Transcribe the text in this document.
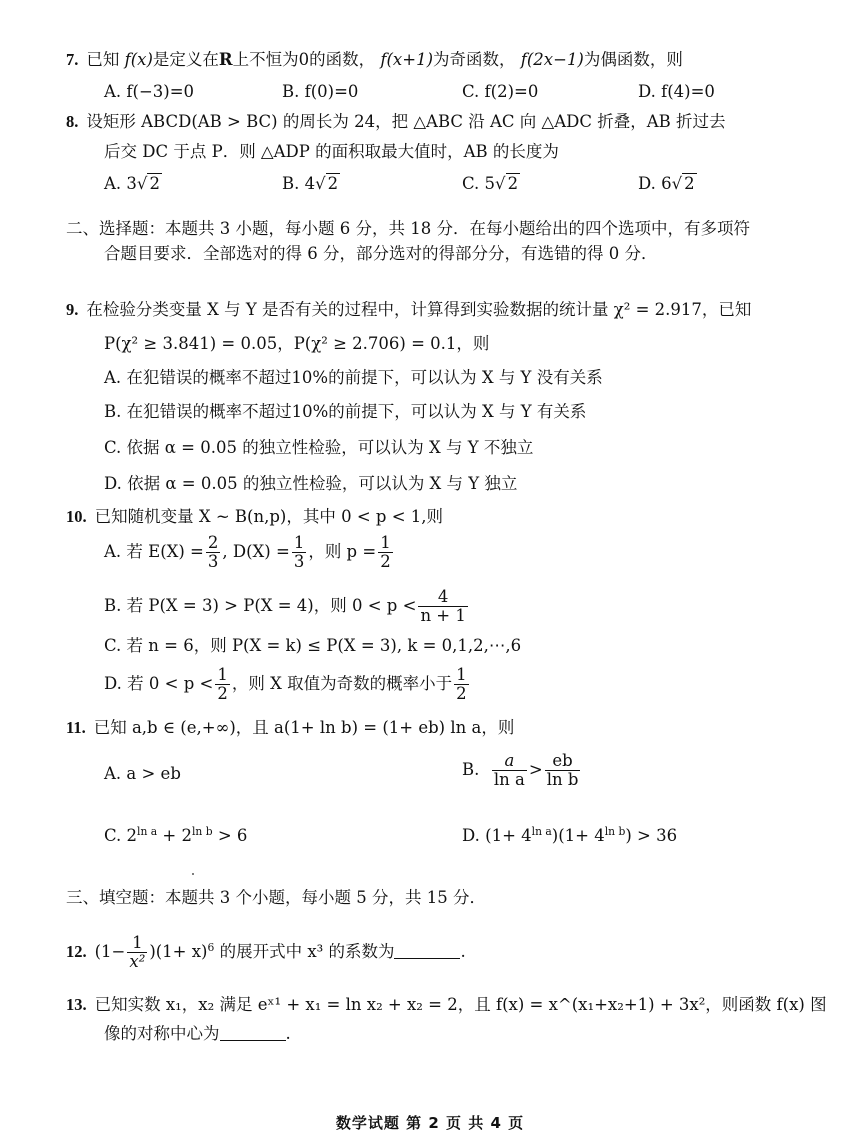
7. 已知 f(x)是定义在R上不恒为0的函数， f(x+1)为奇函数， f(2x−1)为偶函数，则
A. f(−3)=0	B. f(0)=0	C. f(2)=0	D. f(4)=0
8. 设矩形 ABCD(AB > BC) 的周长为 24，把 △ABC 沿 AC 向 △ADC 折叠，AB 折过去
后交 DC 于点 P．则 △ADP 的面积取最大值时，AB 的长度为
A. 3√ 2	B. 4√ 2	C. 5√ 2	D. 6√ 2
二、选择题：本题共 3 小题，每小题 6 分，共 18 分．在每小题给出的四个选项中，有多项符
合题目要求．全部选对的得 6 分，部分选对的得部分分，有选错的得 0 分．
9. 在检验分类变量 X 与 Y 是否有关的过程中，计算得到实验数据的统计量 χ² = 2.917，已知
P(χ² ≥ 3.841) = 0.05，P(χ² ≥ 2.706) = 0.1，则
A. 在犯错误的概率不超过10%的前提下，可以认为 X 与 Y 没有关系
B. 在犯错误的概率不超过10%的前提下，可以认为 X 与 Y 有关系
C. 依据 α = 0.05 的独立性检验，可以认为 X 与 Y 不独立
D. 依据 α = 0.05 的独立性检验，可以认为 X 与 Y 独立
10. 已知随机变量 X ~ B(n,p)，其中 0 < p < 1,则
A. 若 $E(X) = \frac{2}{3}$ , $D(X) = \frac{1}{3}$ ，则 $p = \frac{1}{2}$
B. 若 P(X = 3) > P(X = 4)，则 $0 < p < \frac{4}{n + 1}$
C. 若 n = 6，则 P(X = k) ≤ P(X = 3), k = 0,1,2,⋯,6
D. 若 $0 < p < \frac{1}{2}$ ，则 X 取值为奇数的概率小于 $\frac{1}{2}$
11. 已知 a,b ∈ (e,+∞)，且 a(1+ ln b) = (1+ eb) ln a，则
A. a > eb	B. $\frac{a}{\text{ln a}} > \frac{eb}{\text{ln b}}$
C. $2^{ln a} + 2^{ln b} > 6$	D. $(1+ 4^{ln a})(1+ 4^{ln b}) > 36$
三、填空题：本题共 3 个小题，每小题 5 分，共 15 分．
12. $(1- \frac{1}{\text{x²}} )(1+ x)^6$ 的展开式中 x³ 的系数为	.
13. 已知实数 x₁，x₂ 满足 eˣ¹ + x₁ = ln x₂ + x₂ = 2，且 f(x) = x^(x₁+x₂+1) + 3x²，则函数 f(x) 图
像的对称中心为	.
数学试题 第 2 页 共 4 页
